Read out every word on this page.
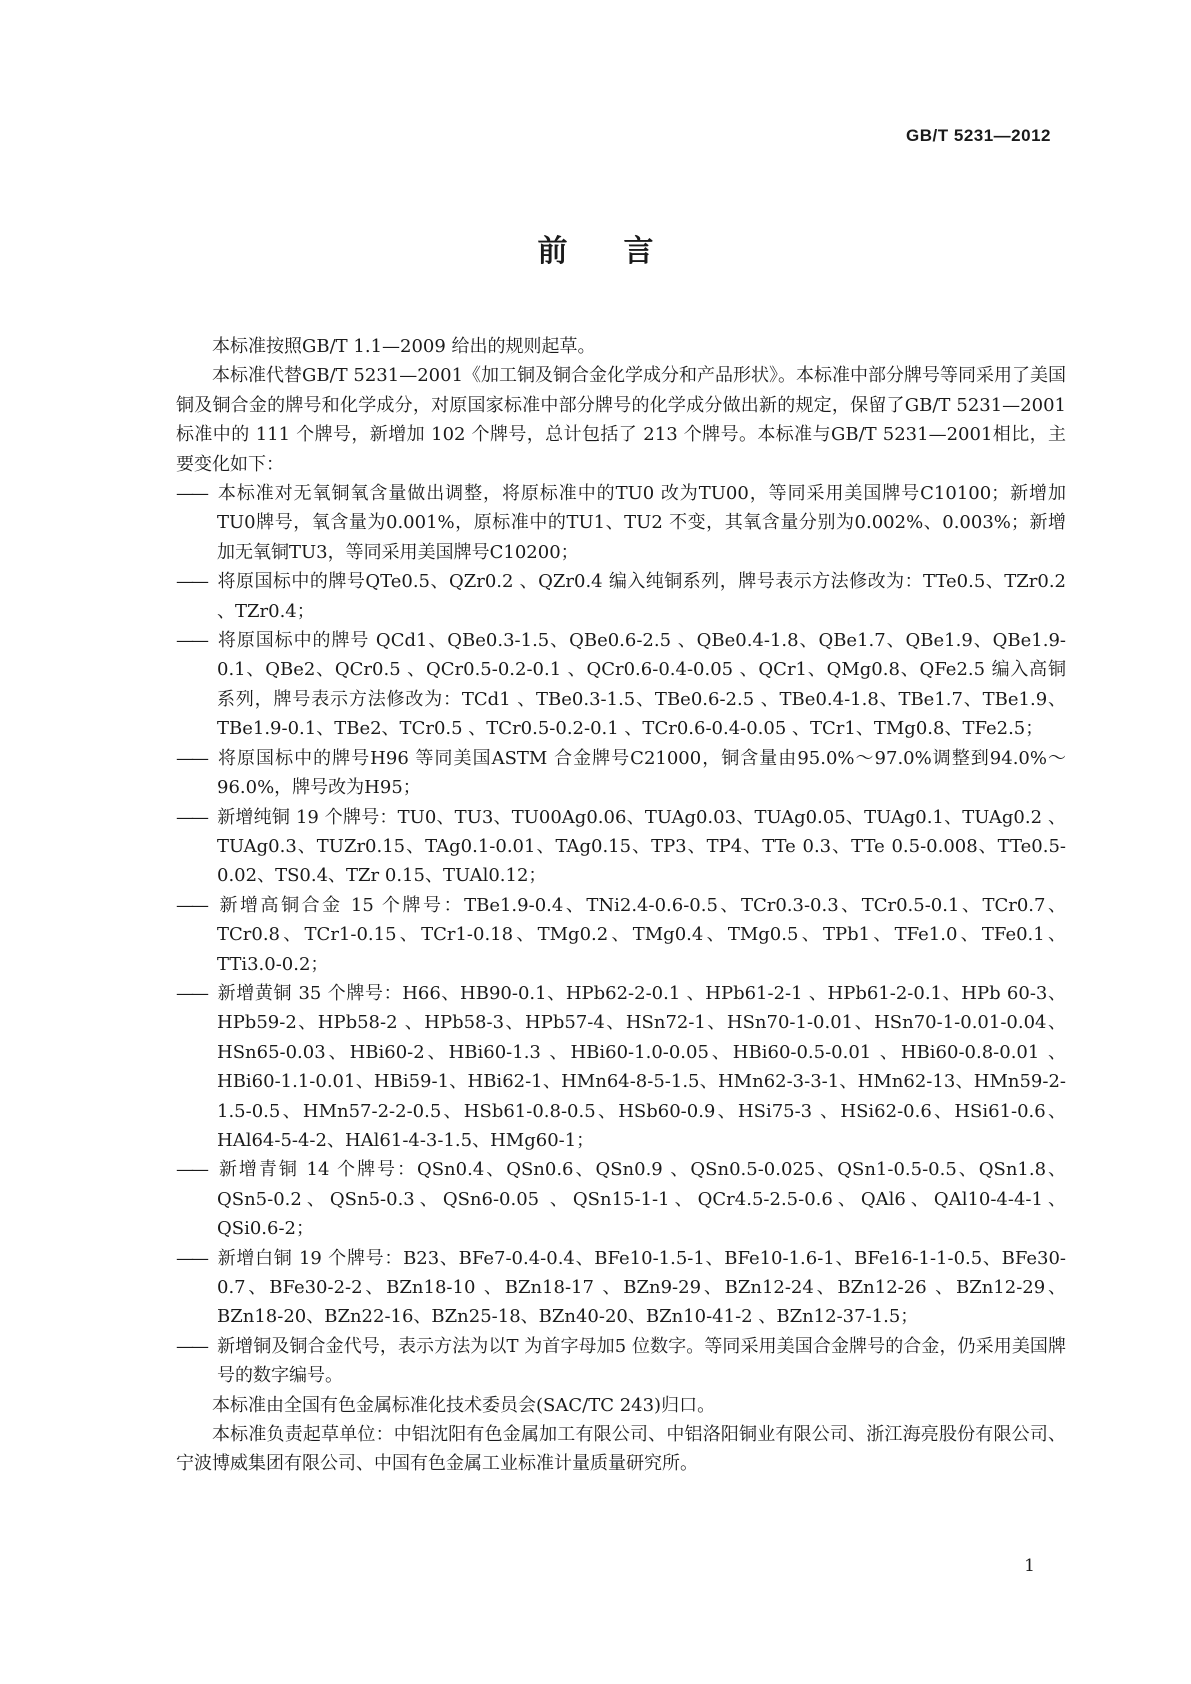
GB/T 5231—2012
前言

本标准按照GB/T 1.1—2009 给出的规则起草。

本标准代替GB/T 5231—2001《加工铜及铜合金化学成分和产品形状》。本标准中部分牌号等同采用了美国铜及铜合金的牌号和化学成分，对原国家标准中部分牌号的化学成分做出新的规定，保留了GB/T 5231—2001 标准中的 111 个牌号，新增加 102 个牌号，总计包括了 213 个牌号。本标准与GB/T 5231—2001相比，主要变化如下：

—— 本标准对无氧铜氧含量做出调整，将原标准中的TU0 改为TU00，等同采用美国牌号C10100；新增加TU0牌号，氧含量为0.001%，原标准中的TU1、TU2 不变，其氧含量分别为0.002%、0.003%；新增加无氧铜TU3，等同采用美国牌号C10200；

—— 将原国标中的牌号QTe0.5、QZr0.2 、QZr0.4 编入纯铜系列，牌号表示方法修改为：TTe0.5、TZr0.2 、TZr0.4；

—— 将原国标中的牌号 QCd1、QBe0.3-1.5、QBe0.6-2.5 、QBe0.4-1.8、QBe1.7、QBe1.9、QBe1.9-0.1、QBe2、QCr0.5 、QCr0.5-0.2-0.1 、QCr0.6-0.4-0.05 、QCr1、QMg0.8、QFe2.5 编入高铜系列，牌号表示方法修改为：TCd1 、TBe0.3-1.5、TBe0.6-2.5 、TBe0.4-1.8、TBe1.7、TBe1.9、TBe1.9-0.1、TBe2、TCr0.5 、TCr0.5-0.2-0.1 、TCr0.6-0.4-0.05 、TCr1、TMg0.8、TFe2.5；

—— 将原国标中的牌号H96 等同美国ASTM 合金牌号C21000，铜含量由95.0%～97.0%调整到94.0%～96.0%，牌号改为H95；

—— 新增纯铜 19 个牌号：TU0、TU3、TU00Ag0.06、TUAg0.03、TUAg0.05、TUAg0.1、TUAg0.2 、TUAg0.3、TUZr0.15、TAg0.1-0.01、TAg0.15、TP3、TP4、TTe 0.3、TTe 0.5-0.008、TTe0.5-0.02、TS0.4、TZr 0.15、TUAl0.12；

—— 新增高铜合金 15 个牌号：TBe1.9-0.4、TNi2.4-0.6-0.5、TCr0.3-0.3、TCr0.5-0.1、TCr0.7、TCr0.8、TCr1-0.15、TCr1-0.18、TMg0.2、TMg0.4、TMg0.5、TPb1、TFe1.0、TFe0.1、TTi3.0-0.2；

—— 新增黄铜 35 个牌号：H66、HB90-0.1、HPb62-2-0.1 、HPb61-2-1 、HPb61-2-0.1、HPb 60-3、HPb59-2、HPb58-2 、HPb58-3、HPb57-4、HSn72-1、HSn70-1-0.01、HSn70-1-0.01-0.04、HSn65-0.03、HBi60-2、HBi60-1.3 、HBi60-1.0-0.05、HBi60-0.5-0.01 、HBi60-0.8-0.01 、HBi60-1.1-0.01、HBi59-1、HBi62-1、HMn64-8-5-1.5、HMn62-3-3-1、HMn62-13、HMn59-2-1.5-0.5、HMn57-2-2-0.5、HSb61-0.8-0.5、HSb60-0.9、HSi75-3 、HSi62-0.6、HSi61-0.6、HAl64-5-4-2、HAl61-4-3-1.5、HMg60-1；

—— 新增青铜 14 个牌号：QSn0.4、QSn0.6、QSn0.9 、QSn0.5-0.025、QSn1-0.5-0.5、QSn1.8、QSn5-0.2、QSn5-0.3、QSn6-0.05 、QSn15-1-1、QCr4.5-2.5-0.6、QAl6、QAl10-4-4-1、QSi0.6-2；

—— 新增白铜 19 个牌号：B23、BFe7-0.4-0.4、BFe10-1.5-1、BFe10-1.6-1、BFe16-1-1-0.5、BFe30-0.7、BFe30-2-2、BZn18-10 、BZn18-17 、BZn9-29、BZn12-24、BZn12-26 、BZn12-29、BZn18-20、BZn22-16、BZn25-18、BZn40-20、BZn10-41-2 、BZn12-37-1.5；

—— 新增铜及铜合金代号，表示方法为以T 为首字母加5 位数字。等同采用美国合金牌号的合金，仍采用美国牌号的数字编号。

本标准由全国有色金属标准化技术委员会(SAC/TC 243)归口。

本标准负责起草单位：中铝沈阳有色金属加工有限公司、中铝洛阳铜业有限公司、浙江海亮股份有限公司、宁波博威集团有限公司、中国有色金属工业标准计量质量研究所。

1
